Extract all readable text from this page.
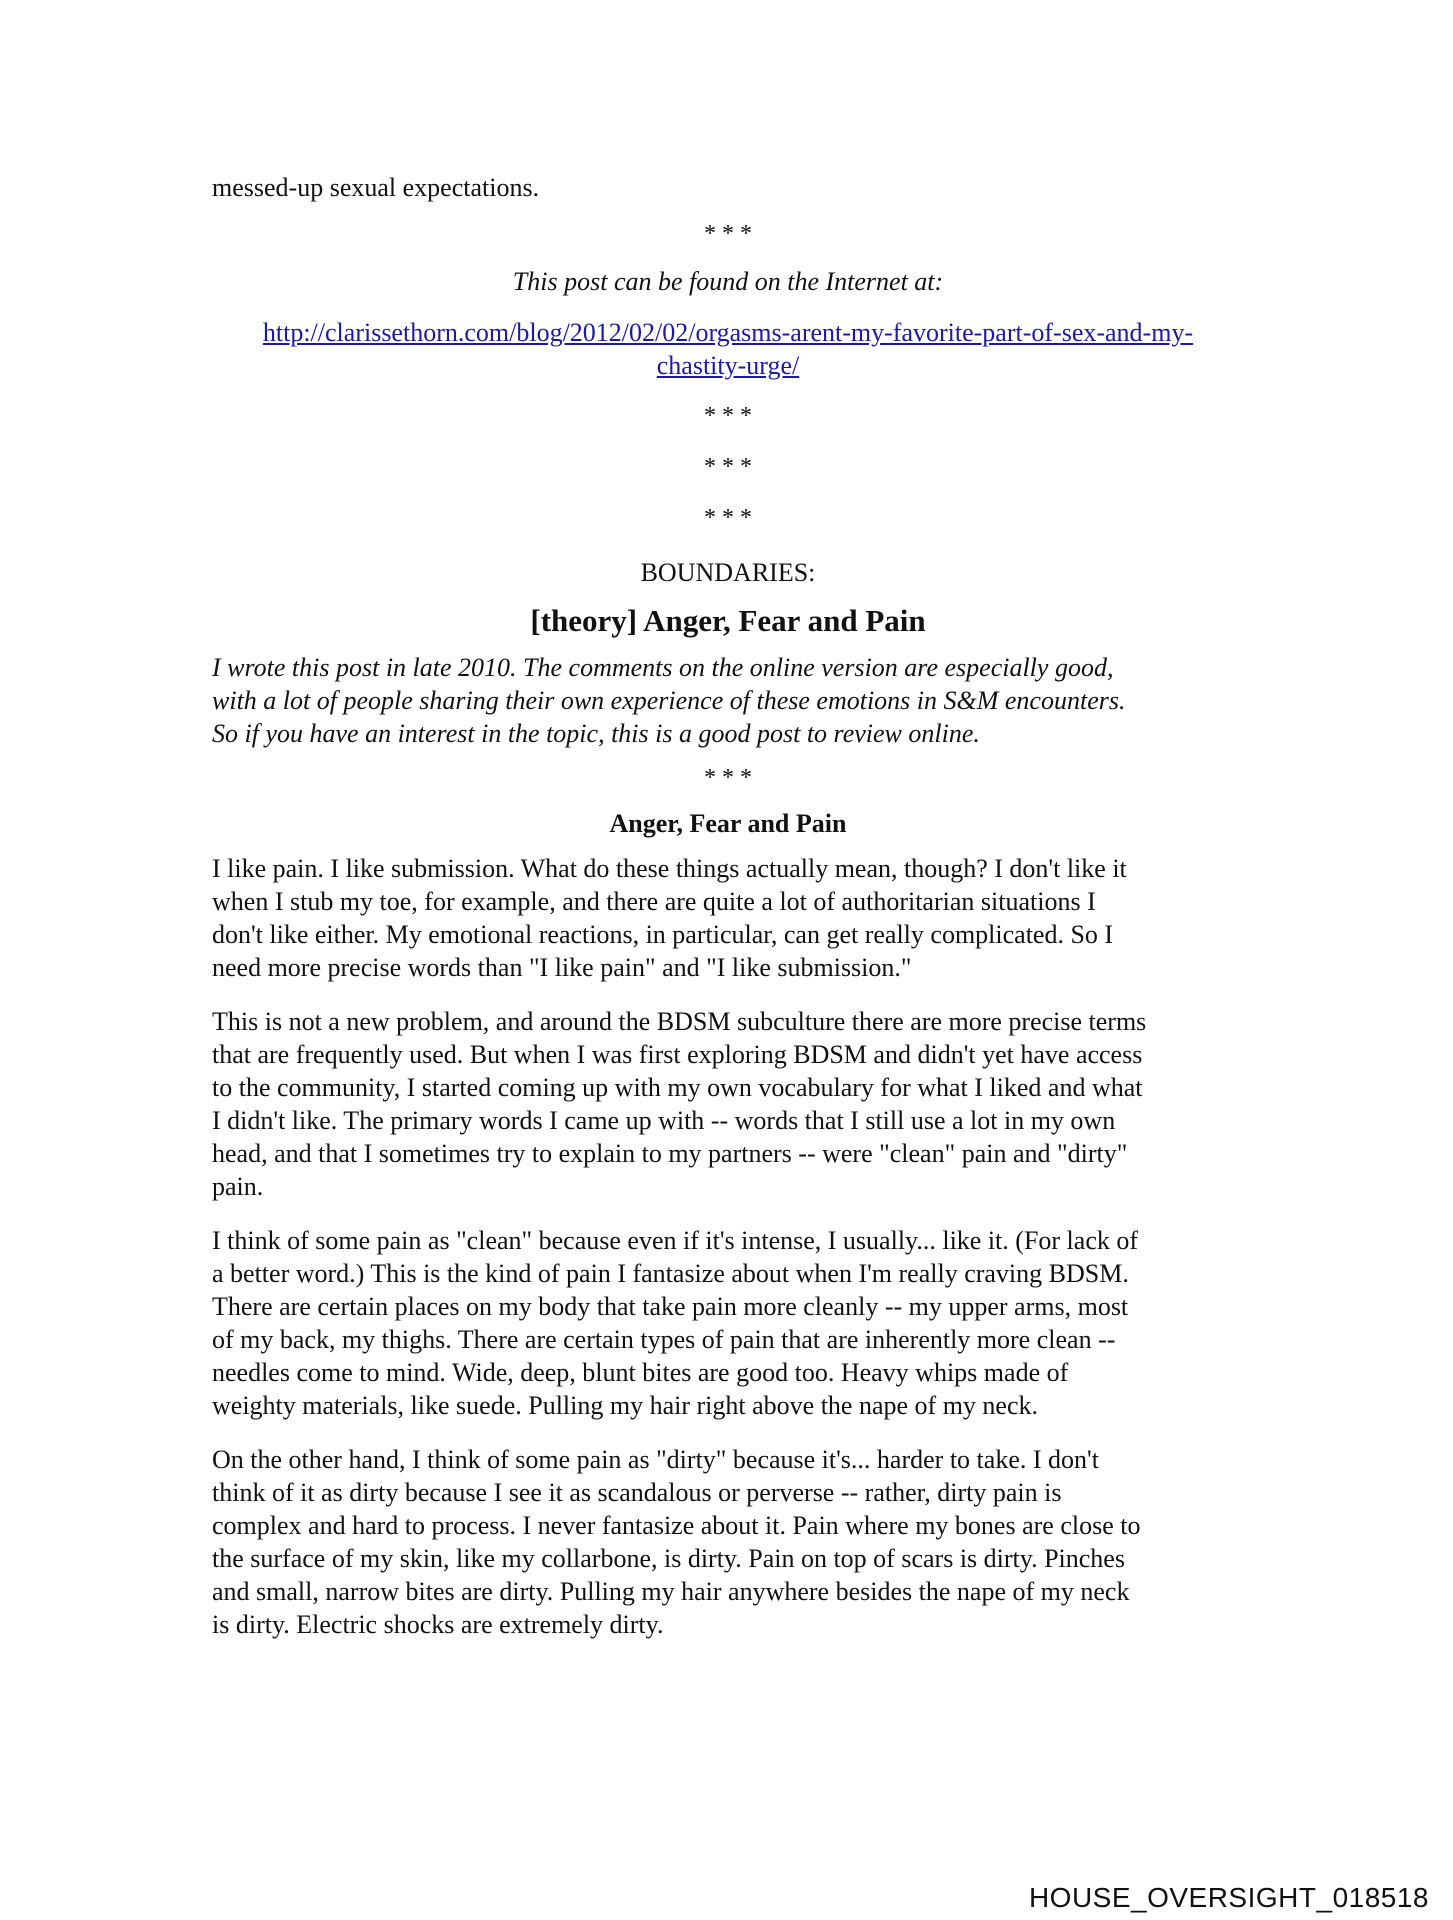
messed-up sexual expectations.

* * *

This post can be found on the Internet at:

http://clarissethorn.com/blog/2012/02/02/orgasms-arent-my-favorite-part-of-sex-and-my-
chastity-urge/

* * *

* * *

* * *

BOUNDARIES:

[theory] Anger, Fear and Pain

I wrote this post in late 2010. The comments on the online version are especially good,

with a lot of people sharing their own experience of these emotions in S&M encounters.

So if you have an interest in the topic, this is a good post to review online.

* * *

Anger, Fear and Pain

I like pain. I like submission. What do these things actually mean, though? I don't like it

when I stub my toe, for example, and there are quite a lot of authoritarian situations I

don't like either. My emotional reactions, in particular, can get really complicated. So I

need more precise words than "I like pain" and "I like submission."

This is not a new problem, and around the BDSM subculture there are more precise terms

that are frequently used. But when I was first exploring BDSM and didn't yet have access

to the community, I started coming up with my own vocabulary for what I liked and what

I didn't like. The primary words I came up with -- words that I still use a lot in my own

head, and that I sometimes try to explain to my partners -- were "clean" pain and "dirty"

pain.

I think of some pain as "clean" because even if it's intense, I usually... like it. (For lack of

a better word.) This is the kind of pain I fantasize about when I'm really craving BDSM.

There are certain places on my body that take pain more cleanly -- my upper arms, most

of my back, my thighs. There are certain types of pain that are inherently more clean --

needles come to mind. Wide, deep, blunt bites are good too. Heavy whips made of

weighty materials, like suede. Pulling my hair right above the nape of my neck.

On the other hand, I think of some pain as "dirty" because it's... harder to take. I don't

think of it as dirty because I see it as scandalous or perverse -- rather, dirty pain is

complex and hard to process. I never fantasize about it. Pain where my bones are close to

the surface of my skin, like my collarbone, is dirty. Pain on top of scars is dirty. Pinches

and small, narrow bites are dirty. Pulling my hair anywhere besides the nape of my neck

is dirty. Electric shocks are extremely dirty.

HOUSE_OVERSIGHT_018518
